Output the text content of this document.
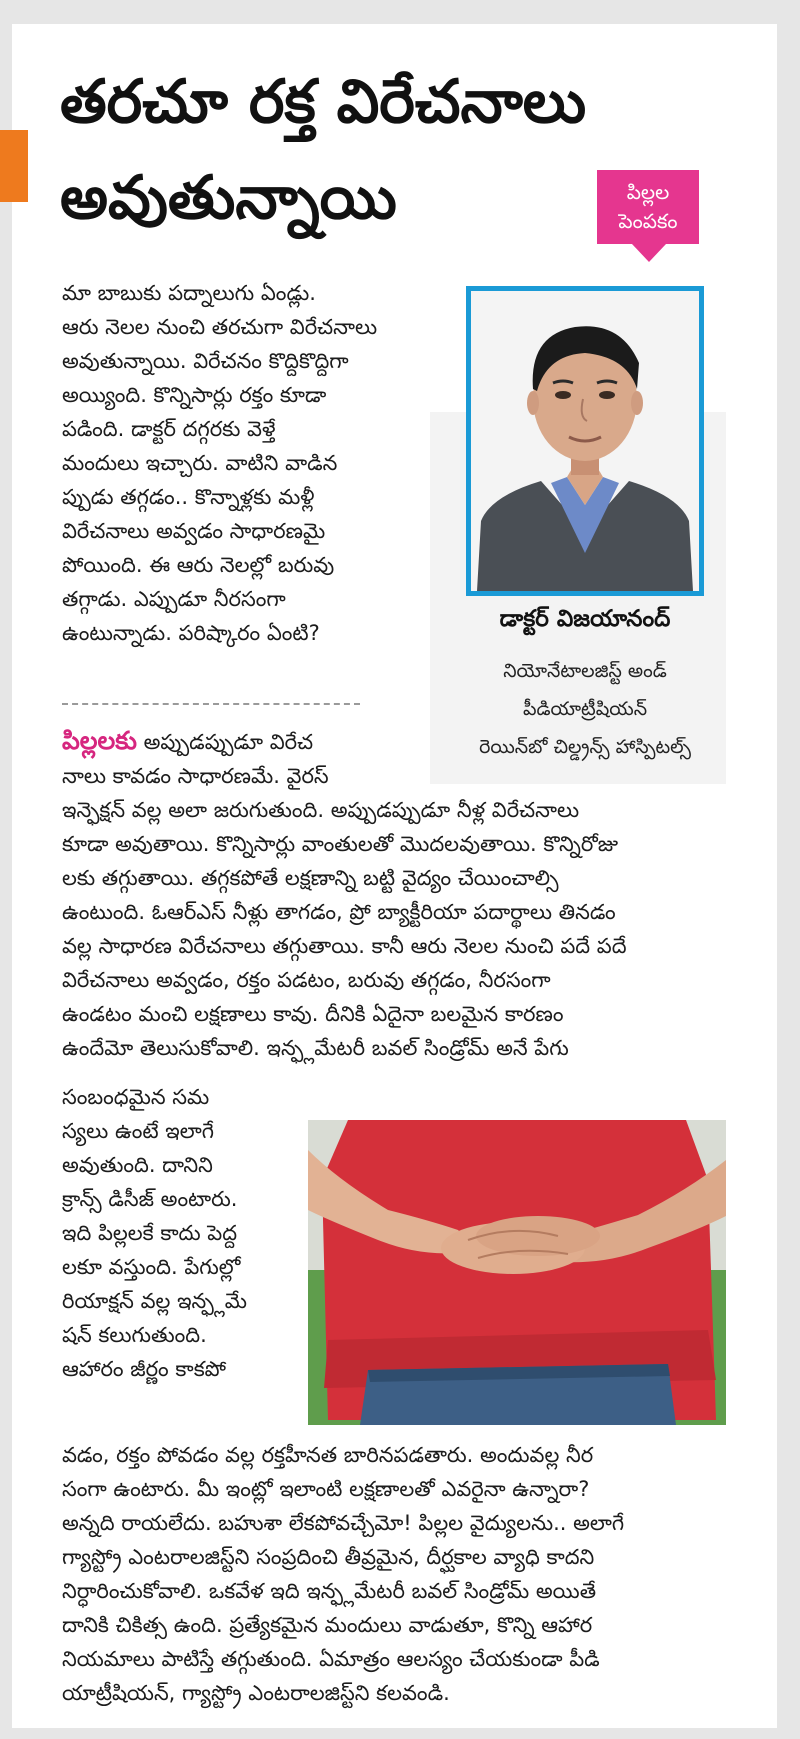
తరచూ రక్త విరేచనాలు
అవుతున్నాయి	పిల్లల
పెంపకం
డాక్టర్ విజయానంద్
నియోనేటాలజిస్ట్ అండ్
పీడియాట్రీషియన్
రెయిన్‌బో చిల్డ్రన్స్ హాస్పిటల్స్
మా బాబుకు పద్నాలుగు ఏండ్లు.
ఆరు నెలల నుంచి తరచుగా విరేచనాలు
అవుతున్నాయి. విరేచనం కొద్దికొద్దిగా
అయ్యింది. కొన్నిసార్లు రక్తం కూడా
పడింది. డాక్టర్ దగ్గరకు వెళ్తే
మందులు ఇచ్చారు. వాటిని వాడిన
ప్పుడు తగ్గడం.. కొన్నాళ్లకు మళ్లీ
విరేచనాలు అవ్వడం సాధారణమై
పోయింది. ఈ ఆరు నెలల్లో బరువు
తగ్గాడు. ఎప్పుడూ నీరసంగా
ఉంటున్నాడు. పరిష్కారం ఏంటి?
పిల్లలకు అప్పుడప్పుడూ విరేచ
నాలు కావడం సాధారణమే. వైరస్
ఇన్ఫెక్షన్ వల్ల అలా జరుగుతుంది. అప్పుడప్పుడూ నీళ్ల విరేచనాలు
కూడా అవుతాయి. కొన్నిసార్లు వాంతులతో మొదలవుతాయి. కొన్నిరోజు
లకు తగ్గుతాయి. తగ్గకపోతే లక్షణాన్ని బట్టి వైద్యం చేయించాల్సి
ఉంటుంది. ఓఆర్ఎస్ నీళ్లు తాగడం, ప్రో బ్యాక్టీరియా పదార్థాలు తినడం
వల్ల సాధారణ విరేచనాలు తగ్గుతాయి. కానీ ఆరు నెలల నుంచి పదే పదే
విరేచనాలు అవ్వడం, రక్తం పడటం, బరువు తగ్గడం, నీరసంగా
ఉండటం మంచి లక్షణాలు కావు. దీనికి ఏదైనా బలమైన కారణం
ఉందేమో తెలుసుకోవాలి. ఇన్ఫ్లమేటరీ బవల్ సిండ్రోమ్ అనే పేగు
సంబంధమైన సమ
స్యలు ఉంటే ఇలాగే
అవుతుంది. దానిని
క్రాన్స్ డిసీజ్ అంటారు.
ఇది పిల్లలకే కాదు పెద్ద
లకూ వస్తుంది. పేగుల్లో
రియాక్షన్ వల్ల ఇన్ఫ్లమే
షన్ కలుగుతుంది.
ఆహారం జీర్ణం కాకపో
వడం, రక్తం పోవడం వల్ల రక్తహీనత బారినపడతారు. అందువల్ల నీర
సంగా ఉంటారు. మీ ఇంట్లో ఇలాంటి లక్షణాలతో ఎవరైనా ఉన్నారా?
అన్నది రాయలేదు. బహుశా లేకపోవచ్చేమో! పిల్లల వైద్యులను.. అలాగే
గ్యాస్ట్రో ఎంటరాలజిస్ట్‌ని సంప్రదించి తీవ్రమైన, దీర్ఘకాల వ్యాధి కాదని
నిర్ధారించుకోవాలి. ఒకవేళ ఇది ఇన్ఫ్లమేటరీ బవల్ సిండ్రోమ్ అయితే
దానికి చికిత్స ఉంది. ప్రత్యేకమైన మందులు వాడుతూ, కొన్ని ఆహార
నియమాలు పాటిస్తే తగ్గుతుంది. ఏమాత్రం ఆలస్యం చేయకుండా పీడి
యాట్రీషియన్, గ్యాస్ట్రో ఎంటరాలజిస్ట్‌ని కలవండి.
